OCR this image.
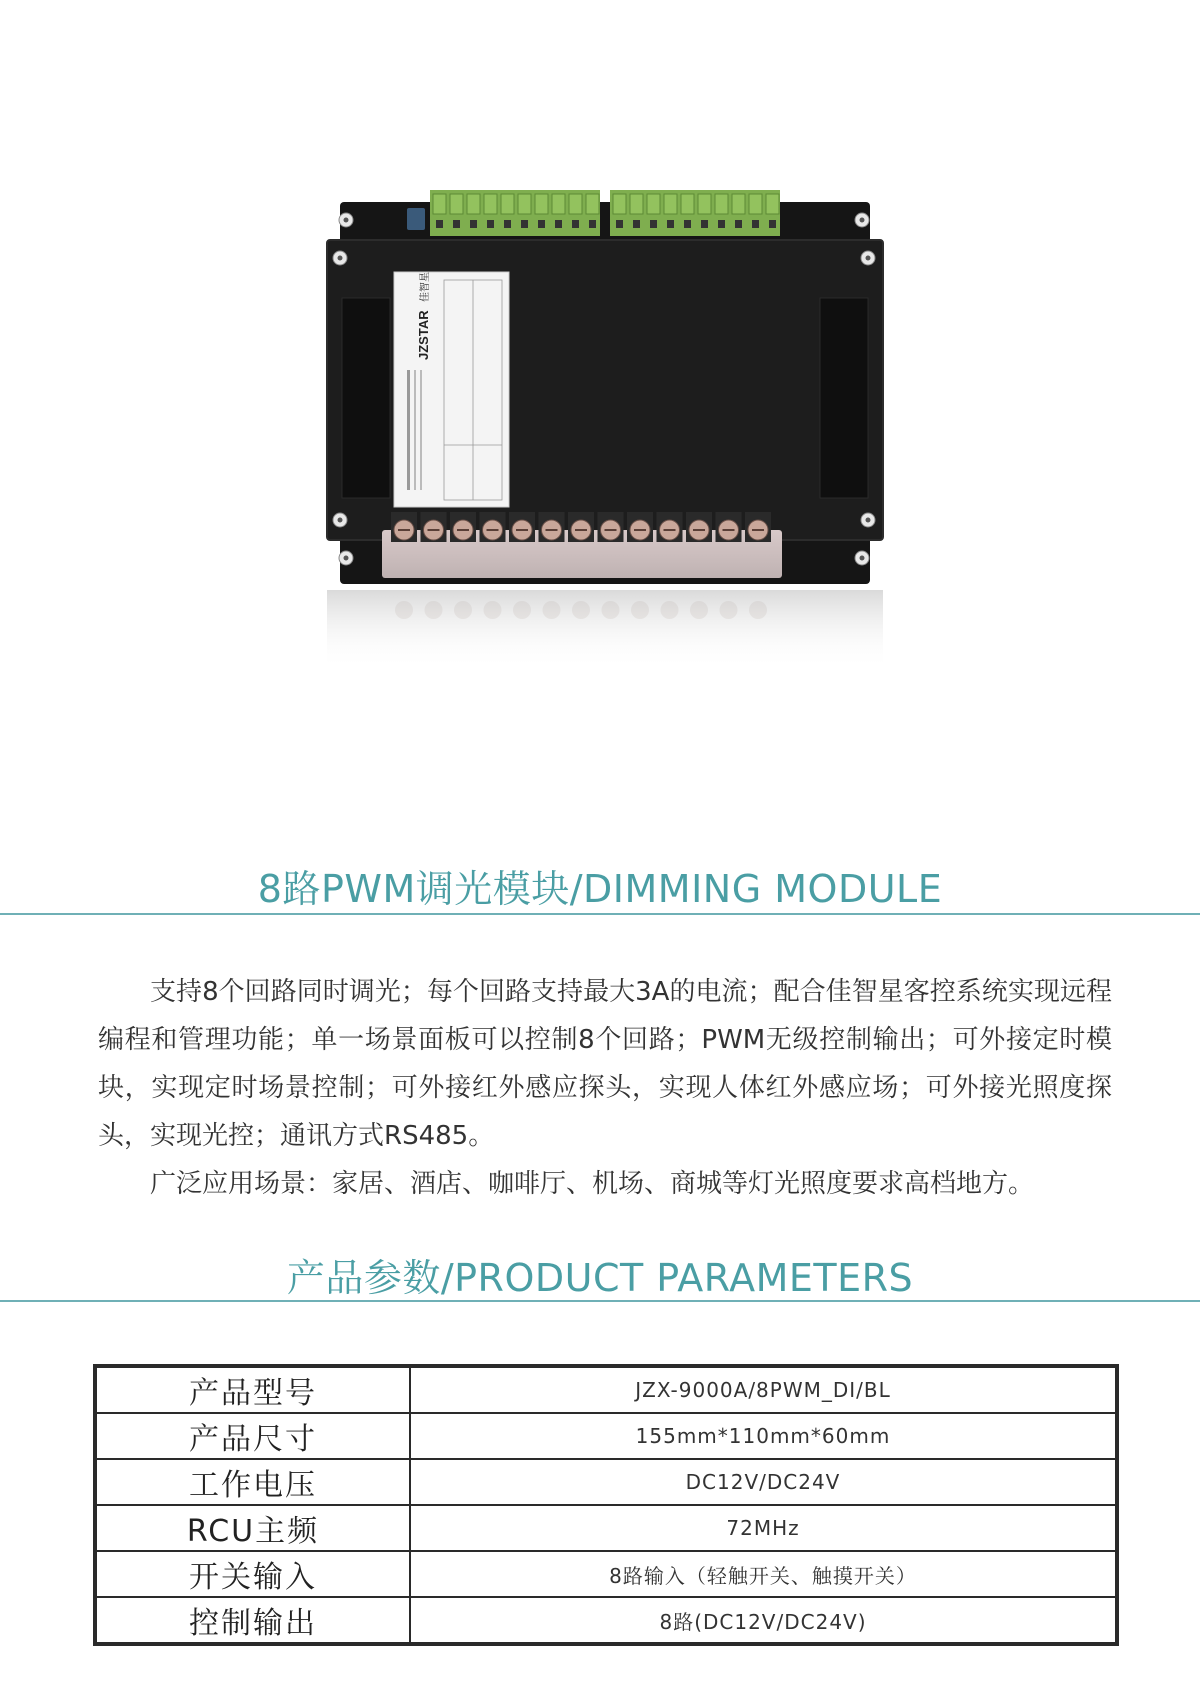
JZSTAR
佳智星
8路PWM调光模块/DIMMING MODULE

支持8个回路同时调光；每个回路支持最大3A的电流；配合佳智星客控系统实现远程编程和管理功能；单一场景面板可以控制8个回路；PWM无级控制输出；可外接定时模块，实现定时场景控制；可外接红外感应探头，实现人体红外感应场；可外接光照度探头，实现光控；通讯方式RS485。

广泛应用场景：家居、酒店、咖啡厅、机场、商城等灯光照度要求高档地方。

产品参数/PRODUCT PARAMETERS
产品型号	JZX-9000A/8PWM_DI/BL
产品尺寸	155mm*110mm*60mm
工作电压	DC12V/DC24V
RCU主频	72MHz
开关输入	8路输入（轻触开关、触摸开关）
控制输出	8路(DC12V/DC24V)
